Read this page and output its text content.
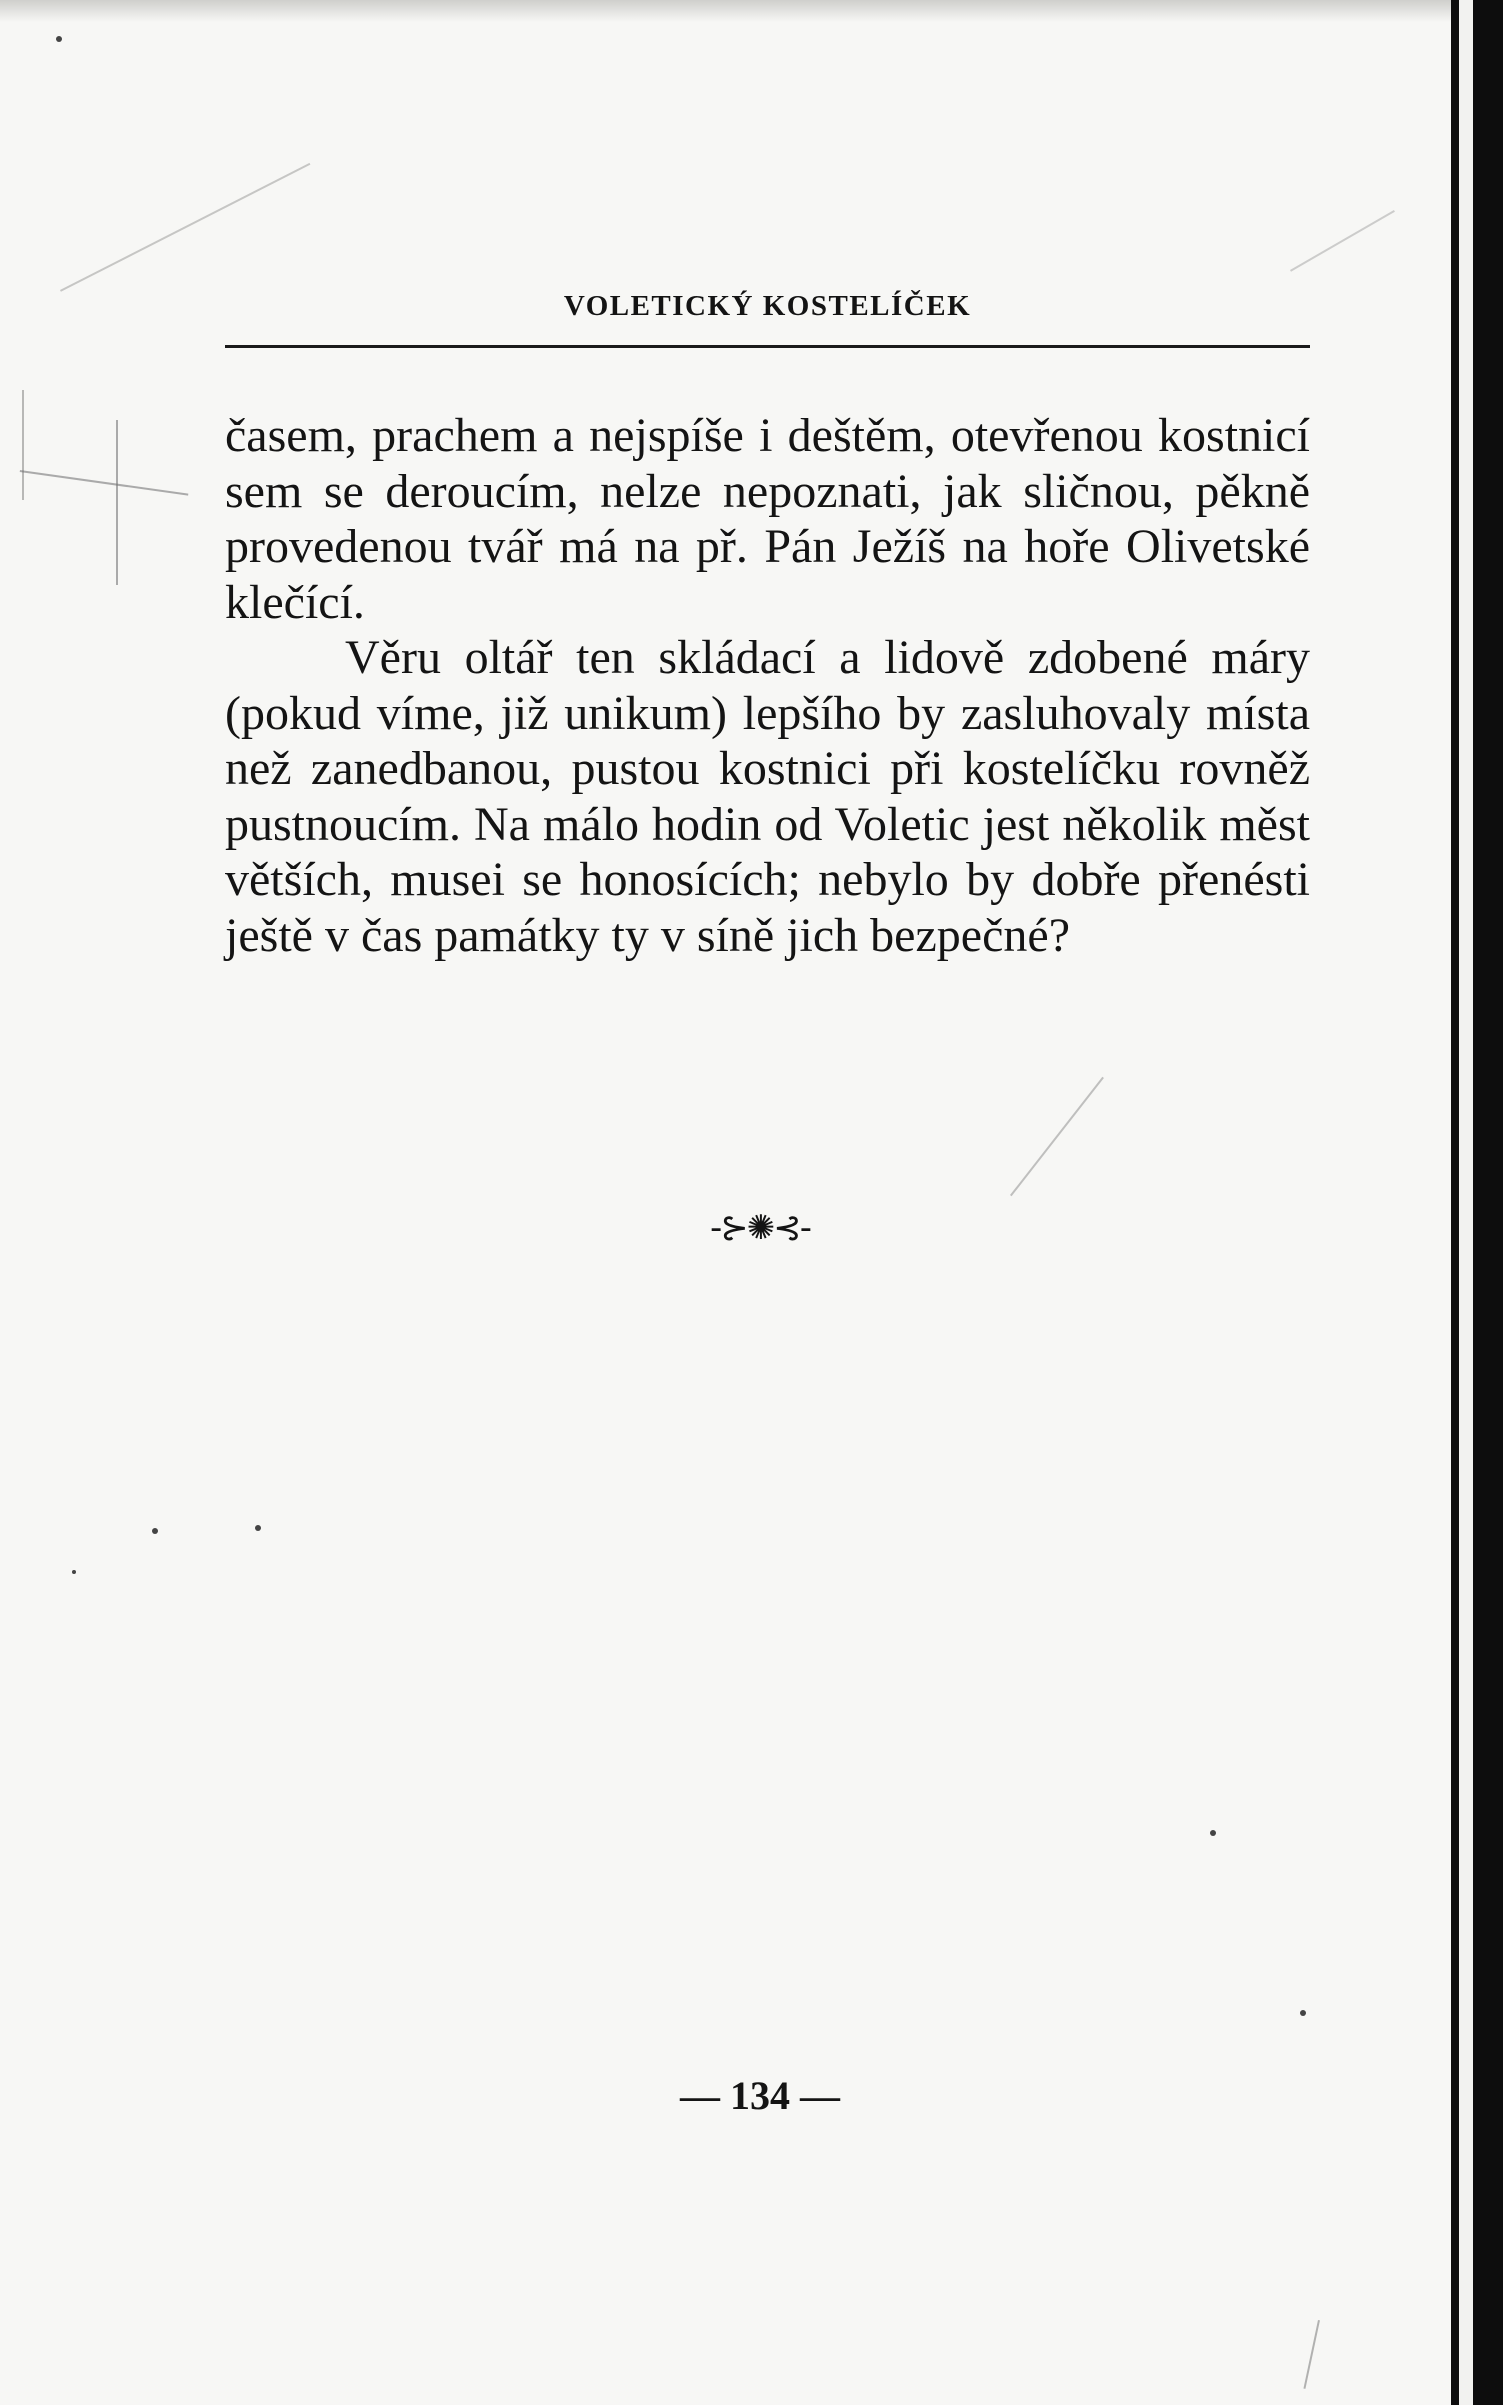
VOLETICKÝ KOSTELÍČEK

časem, prachem a nejspíše i deštěm, otevřenou kostnicí sem se deroucím, nelze nepoznati, jak sličnou, pěkně provedenou tvář má na př. Pán Ježíš na hoře Olivetské klečící.

Věru oltář ten skládací a lidově zdobené máry (pokud víme, již unikum) lepšího by zasluhovaly místa než zanedbanou, pustou kostnici při kostelíčku rovněž pustnoucím. Na málo hodin od Voletic jest několik měst větších, musei se honosících; nebylo by dobře přenésti ještě v čas památky ty v síně jich bezpečné?

-⊱✺⊰-
— 134 —
